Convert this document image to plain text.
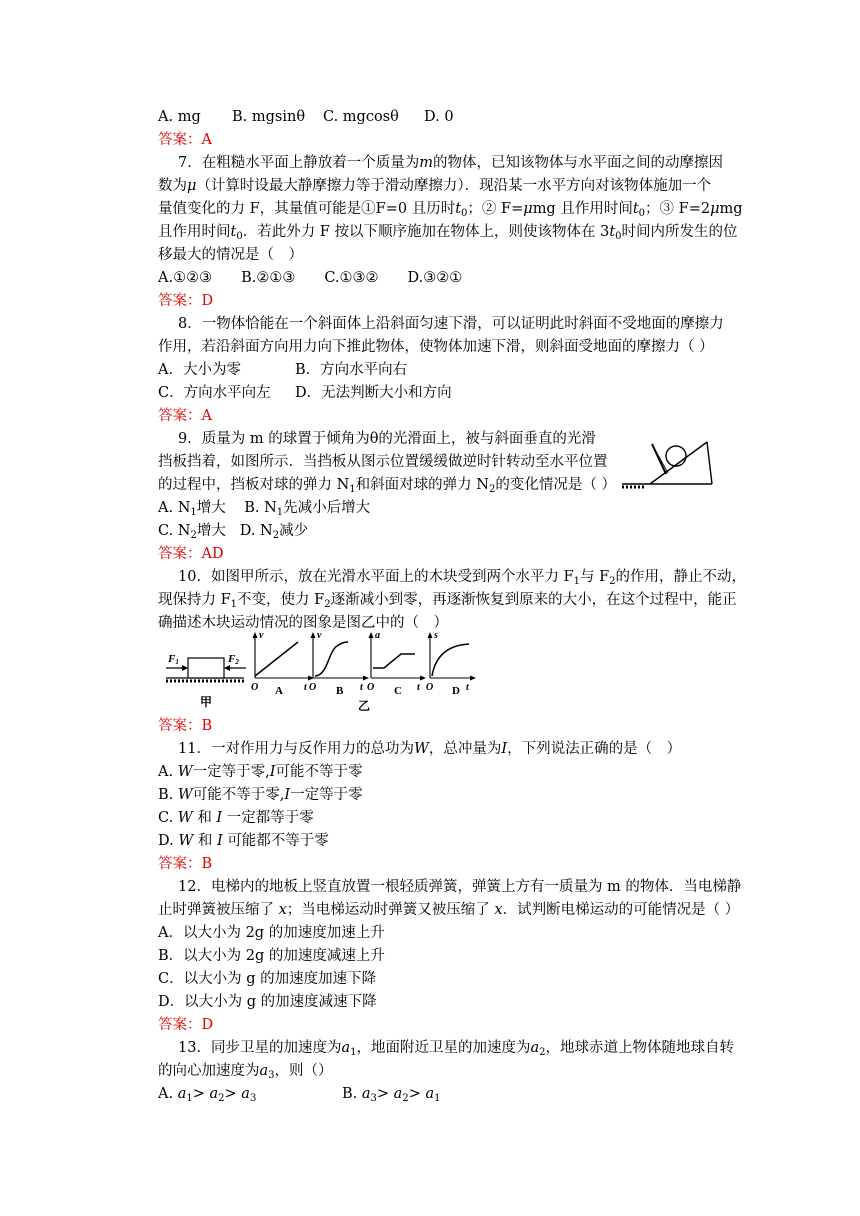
A. mg B. mgsinθ C. mgcosθ D. 0
答案：A
7．在粗糙水平面上静放着一个质量为m的物体，已知该物体与水平面之间的动摩擦因
数为μ（计算时设最大静摩擦力等于滑动摩擦力）．现沿某一水平方向对该物体施加一个
量值变化的力 F，其量值可能是①F=0 且历时$t_0$；② F=μmg 且作用时间$t_0$；③ F=2μmg
且作用时间$t_0$．若此外力 F 按以下顺序施加在物体上，则使该物体在 $3t_0$时间内所发生的位
移最大的情况是（　）
A.①②③　　B.②①③　　C.①③②　　D.③②①
答案：D
8．一物体恰能在一个斜面体上沿斜面匀速下滑，可以证明此时斜面不受地面的摩擦力
作用，若沿斜面方向用力向下推此物体，使物体加速下滑，则斜面受地面的摩擦力（ ）
A．大小为零	B．方向水平向右
C．方向水平向左 D．无法判断大小和方向
答案：A
9．质量为 m 的球置于倾角为θ的光滑面上，被与斜面垂直的光滑
挡板挡着，如图所示．当挡板从图示位置缓缓做逆时针转动至水平位置
的过程中，挡板对球的弹力 $N_1$和斜面对球的弹力 $N_2$的变化情况是（ ）
A. $N_1$增大 B. $N_1$先减小后增大
C. $N_2$增大 D. $N_2$减少
答案：AD
10．如图甲所示，放在光滑水平面上的木块受到两个水平力 $F_1$与 $F_2$的作用，静止不动，
现保持力 $F_1$不变，使力 $F_2$逐渐减小到零，再逐渐恢复到原来的大小，在这个过程中，能正
确描述木块运动情况的图象是图乙中的（　）
F1	F2
甲
v
t
O A
v
t
O B
a
t
O C
s
t
O D
乙
答案：B
11．一对作用力与反作用力的总功为W，总冲量为I，下列说法正确的是（　）
A. W一定等于零,I可能不等于零
B. W可能不等于零,I一定等于零
C. W 和 I 一定都等于零
D. W 和 I 可能都不等于零
答案：B
12．电梯内的地板上竖直放置一根轻质弹簧，弹簧上方有一质量为 m 的物体．当电梯静
止时弹簧被压缩了 x；当电梯运动时弹簧又被压缩了 x．试判断电梯运动的可能情况是（ ）
A．以大小为 2g 的加速度加速上升
B．以大小为 2g 的加速度减速上升
C．以大小为 g 的加速度加速下降
D．以大小为 g 的加速度减速下降
答案：D
13．同步卫星的加速度为$a_1$，地面附近卫星的加速度为$a_2$，地球赤道上物体随地球自转
的向心加速度为$a_3$，则（）
A. $a_1> a_2> a_3$	B. $a_3> a_2> a_1$
